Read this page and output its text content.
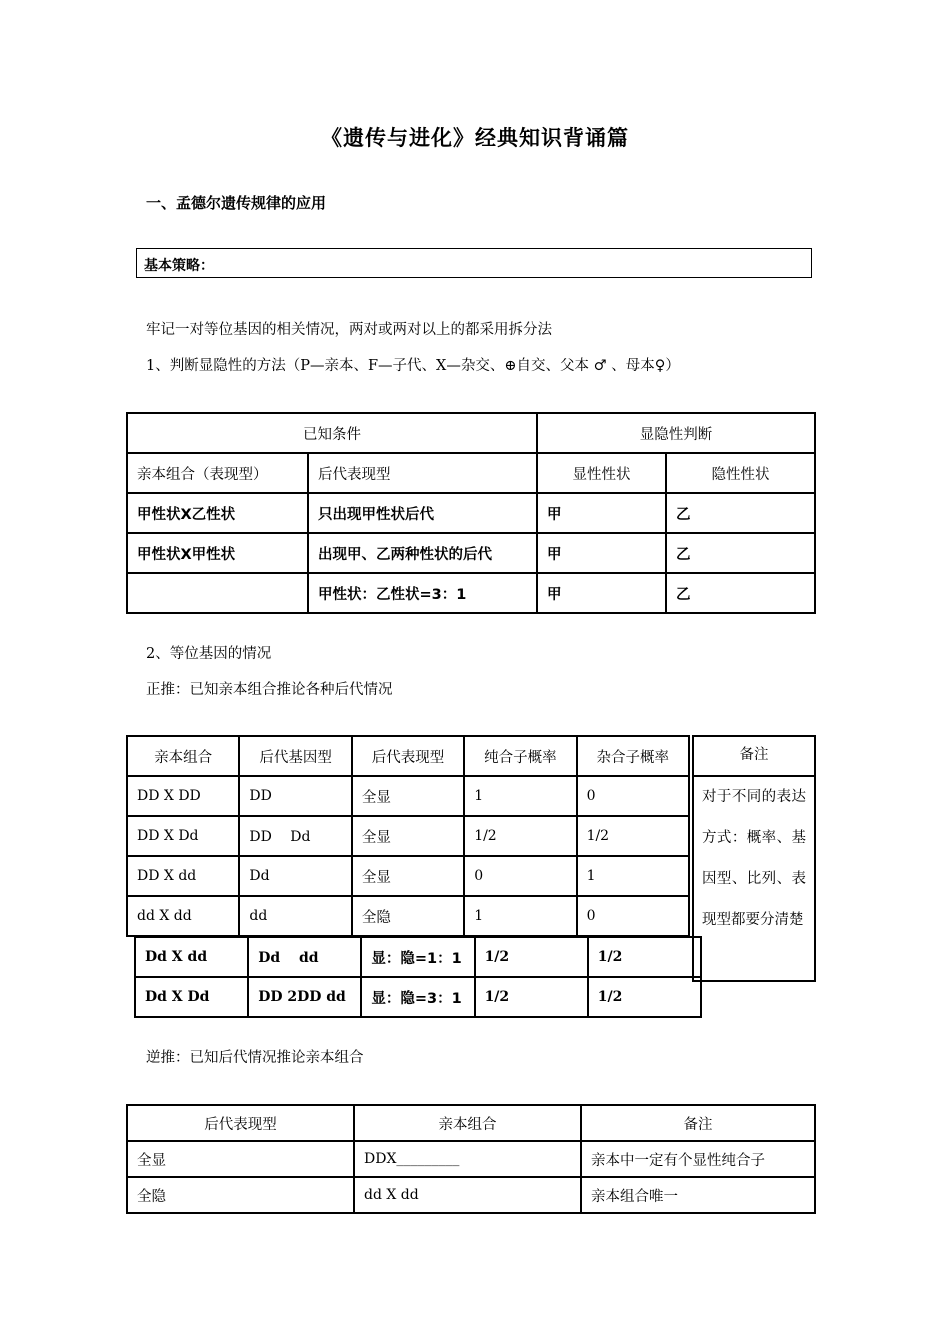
《遗传与进化》经典知识背诵篇
一、孟德尔遗传规律的应用
基本策略：
牢记一对等位基因的相关情况，两对或两对以上的都采用拆分法
1、判断显隐性的方法（P—亲本、F—子代、X—杂交、⊕自交、父本 ♂ 、母本♀）
已知条件		显隐性判断	
亲本组合（表现型）	后代表现型	显性性状	隐性性状
甲性状Ⅹ乙性状	只出现甲性状后代	甲	乙
甲性状Ⅹ甲性状	出现甲、乙两种性状的后代	甲	乙
	甲性状：乙性状=3：1	甲	乙
2、等位基因的情况
正推：已知亲本组合推论各种后代情况
亲本组合	后代基因型	后代表现型	纯合子概率	杂合子概率
DD X DD	DD	全显	1	0
DD X Dd	DD　 Dd	全显	1/2	1/2
DD X dd	Dd	全显	0	1
dd X dd	dd	全隐	1	0
Dd X dd	Dd　 dd	显：隐=1：1	1/2	1/2
Dd X Dd	DD 2DD dd	显：隐=3：1	1/2	1/2
备注
对于不同的表达方式：概率、基因型、比列、表现型都要分清楚
逆推：已知后代情况推论亲本组合
后代表现型	亲本组合	备注
全显	DDX_________	亲本中一定有个显性纯合子
全隐	dd X dd	亲本组合唯一
